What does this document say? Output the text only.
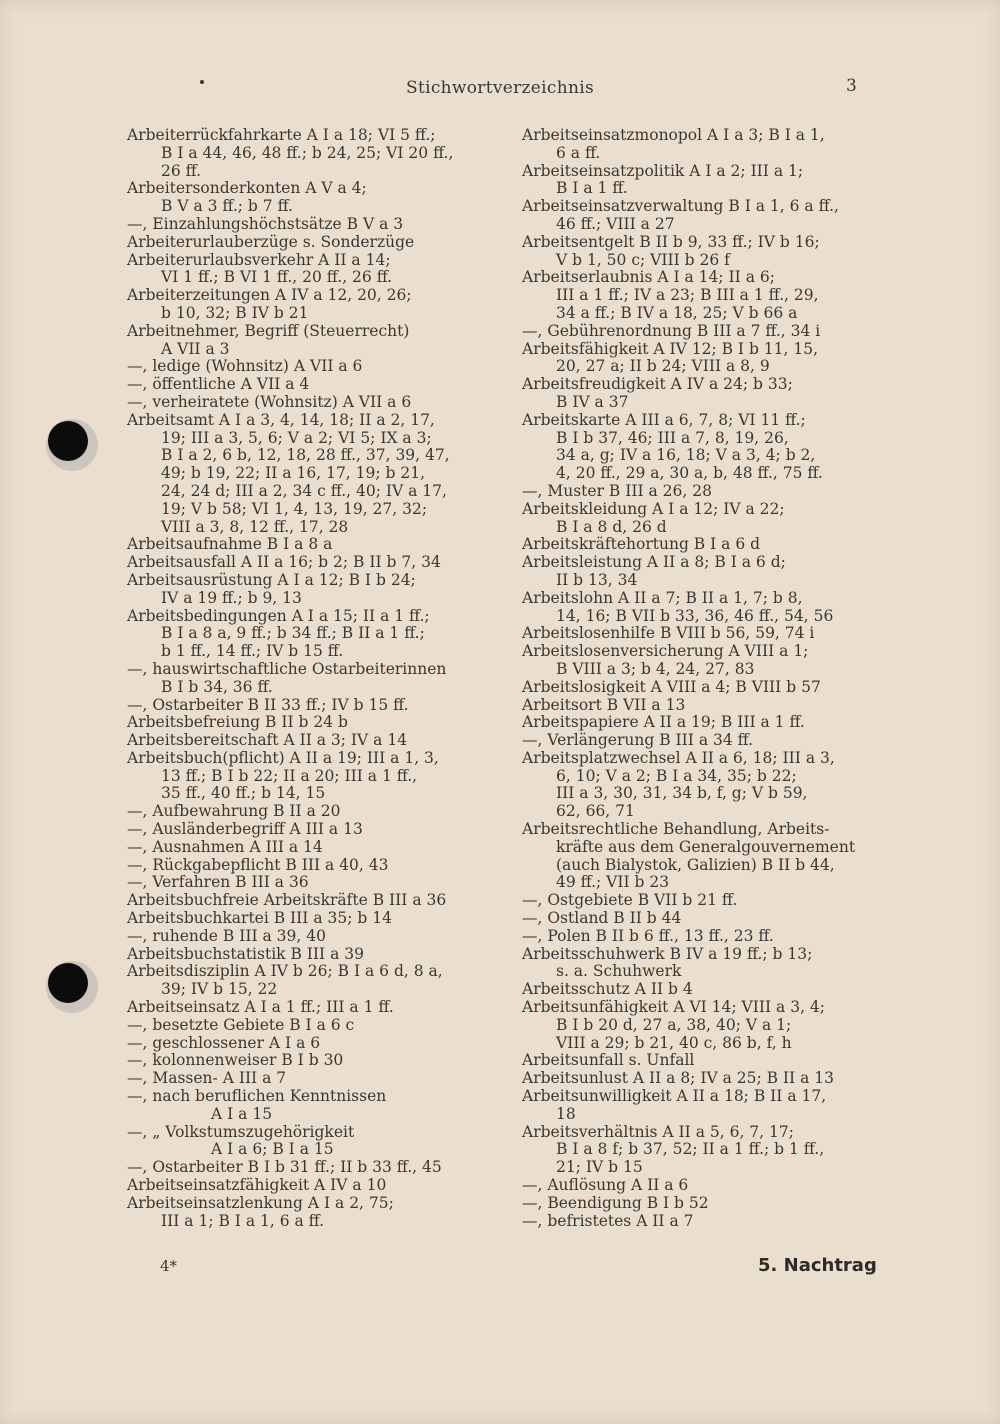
Stichwortverzeichnis	3

Arbeiterrückfahrkarte A I a 18; VI 5 ff.;

B I a 44, 46, 48 ff.; b 24, 25; VI 20 ff.,

26 ff.

Arbeitersonderkonten A V a 4;

B V a 3 ff.; b 7 ff.

—, Einzahlungshöchstsätze B V a 3

Arbeiterurlauberzüge s. Sonderzüge

Arbeiterurlaubsverkehr A II a 14;

VI 1 ff.; B VI 1 ff., 20 ff., 26 ff.

Arbeiterzeitungen A IV a 12, 20, 26;

b 10, 32; B IV b 21

Arbeitnehmer, Begriff (Steuerrecht)

A VII a 3

—, ledige (Wohnsitz) A VII a 6

—, öffentliche A VII a 4

—, verheiratete (Wohnsitz) A VII a 6

Arbeitsamt A I a 3, 4, 14, 18; II a 2, 17,

19; III a 3, 5, 6; V a 2; VI 5; IX a 3;

B I a 2, 6 b, 12, 18, 28 ff., 37, 39, 47,

49; b 19, 22; II a 16, 17, 19; b 21,

24, 24 d; III a 2, 34 c ff., 40; IV a 17,

19; V b 58; VI 1, 4, 13, 19, 27, 32;

VIII a 3, 8, 12 ff., 17, 28

Arbeitsaufnahme B I a 8 a

Arbeitsausfall A II a 16; b 2; B II b 7, 34

Arbeitsausrüstung A I a 12; B I b 24;

IV a 19 ff.; b 9, 13

Arbeitsbedingungen A I a 15; II a 1 ff.;

B I a 8 a, 9 ff.; b 34 ff.; B II a 1 ff.;

b 1 ff., 14 ff.; IV b 15 ff.

—, hauswirtschaftliche Ostarbeiterinnen

B I b 34, 36 ff.

—, Ostarbeiter B II 33 ff.; IV b 15 ff.

Arbeitsbefreiung B II b 24 b

Arbeitsbereitschaft A II a 3; IV a 14

Arbeitsbuch(pflicht) A II a 19; III a 1, 3,

13 ff.; B I b 22; II a 20; III a 1 ff.,

35 ff., 40 ff.; b 14, 15

—, Aufbewahrung B II a 20

—, Ausländerbegriff A III a 13

—, Ausnahmen A III a 14

—, Rückgabepflicht B III a 40, 43

—, Verfahren B III a 36

Arbeitsbuchfreie Arbeitskräfte B III a 36

Arbeitsbuchkartei B III a 35; b 14

—, ruhende B III a 39, 40

Arbeitsbuchstatistik B III a 39

Arbeitsdisziplin A IV b 26; B I a 6 d, 8 a,

39; IV b 15, 22

Arbeitseinsatz A I a 1 ff.; III a 1 ff.

—, besetzte Gebiete B I a 6 c

—, geschlossener A I a 6

—, kolonnenweiser B I b 30

—, Massen- A III a 7

—, nach beruflichen Kenntnissen

A I a 15

—, „ Volkstumszugehörigkeit

A I a 6; B I a 15

—, Ostarbeiter B I b 31 ff.; II b 33 ff., 45

Arbeitseinsatzfähigkeit A IV a 10

Arbeitseinsatzlenkung A I a 2, 75;

III a 1; B I a 1, 6 a ff.

Arbeitseinsatzmonopol A I a 3; B I a 1,

6 a ff.

Arbeitseinsatzpolitik A I a 2; III a 1;

B I a 1 ff.

Arbeitseinsatzverwaltung B I a 1, 6 a ff.,

46 ff.; VIII a 27

Arbeitsentgelt B II b 9, 33 ff.; IV b 16;

V b 1, 50 c; VIII b 26 f

Arbeitserlaubnis A I a 14; II a 6;

III a 1 ff.; IV a 23; B III a 1 ff., 29,

34 a ff.; B IV a 18, 25; V b 66 a

—, Gebührenordnung B III a 7 ff., 34 i

Arbeitsfähigkeit A IV 12; B I b 11, 15,

20, 27 a; II b 24; VIII a 8, 9

Arbeitsfreudigkeit A IV a 24; b 33;

B IV a 37

Arbeitskarte A III a 6, 7, 8; VI 11 ff.;

B I b 37, 46; III a 7, 8, 19, 26,

34 a, g; IV a 16, 18; V a 3, 4; b 2,

4, 20 ff., 29 a, 30 a, b, 48 ff., 75 ff.

—, Muster B III a 26, 28

Arbeitskleidung A I a 12; IV a 22;

B I a 8 d, 26 d

Arbeitskräftehortung B I a 6 d

Arbeitsleistung A II a 8; B I a 6 d;

II b 13, 34

Arbeitslohn A II a 7; B II a 1, 7; b 8,

14, 16; B VII b 33, 36, 46 ff., 54, 56

Arbeitslosenhilfe B VIII b 56, 59, 74 i

Arbeitslosenversicherung A VIII a 1;

B VIII a 3; b 4, 24, 27, 83

Arbeitslosigkeit A VIII a 4; B VIII b 57

Arbeitsort B VII a 13

Arbeitspapiere A II a 19; B III a 1 ff.

—, Verlängerung B III a 34 ff.

Arbeitsplatzwechsel A II a 6, 18; III a 3,

6, 10; V a 2; B I a 34, 35; b 22;

III a 3, 30, 31, 34 b, f, g; V b 59,

62, 66, 71

Arbeitsrechtliche Behandlung, Arbeits-

kräfte aus dem Generalgouvernement

(auch Bialystok, Galizien) B II b 44,

49 ff.; VII b 23

—, Ostgebiete B VII b 21 ff.

—, Ostland B II b 44

—, Polen B II b 6 ff., 13 ff., 23 ff.

Arbeitsschuhwerk B IV a 19 ff.; b 13;

s. a. Schuhwerk

Arbeitsschutz A II b 4

Arbeitsunfähigkeit A VI 14; VIII a 3, 4;

B I b 20 d, 27 a, 38, 40; V a 1;

VIII a 29; b 21, 40 c, 86 b, f, h

Arbeitsunfall s. Unfall

Arbeitsunlust A II a 8; IV a 25; B II a 13

Arbeitsunwilligkeit A II a 18; B II a 17,

18

Arbeitsverhältnis A II a 5, 6, 7, 17;

B I a 8 f; b 37, 52; II a 1 ff.; b 1 ff.,

21; IV b 15

—, Auflösung A II a 6

—, Beendigung B I b 52

—, befristetes A II a 7

4*	5. Nachtrag
